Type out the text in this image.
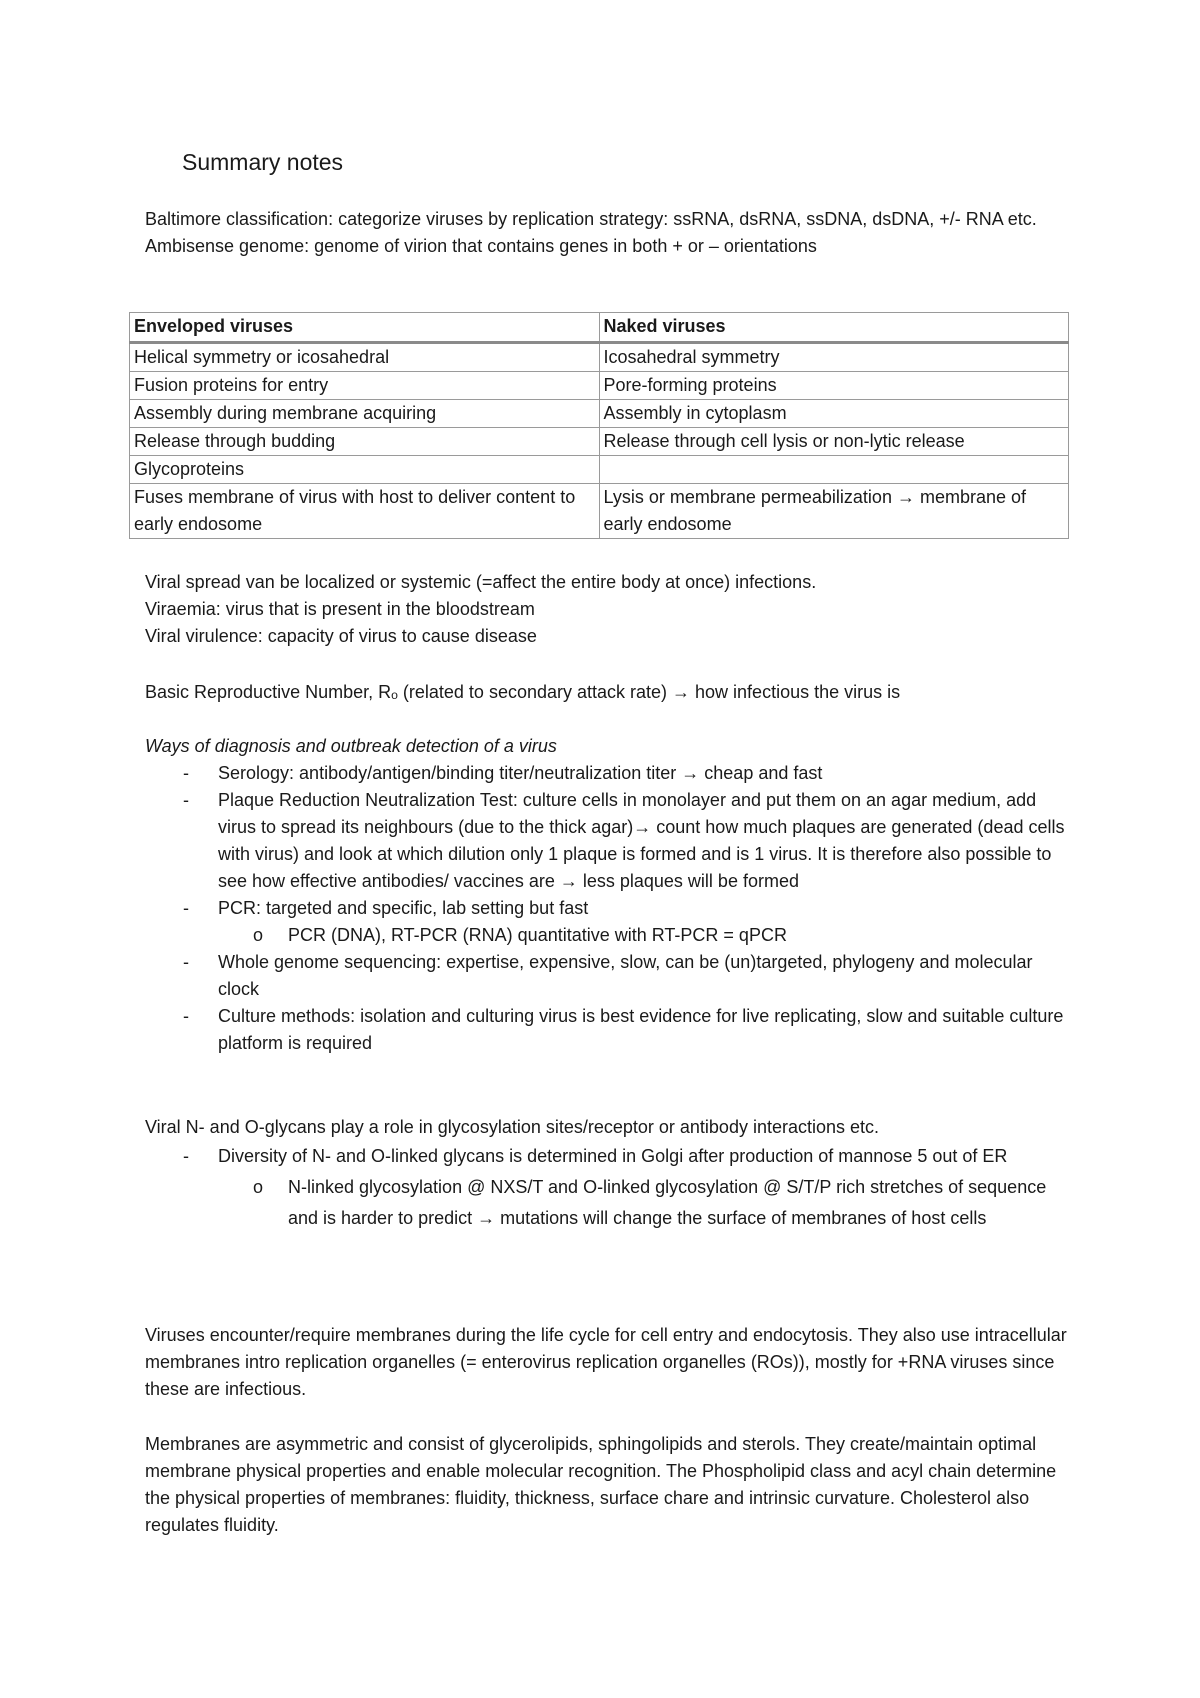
Summary notes

Baltimore classification: categorize viruses by replication strategy: ssRNA, dsRNA, ssDNA, dsDNA, +/- RNA etc.

Ambisense genome: genome of virion that contains genes in both + or – orientations

Enveloped viruses	Naked viruses
Helical symmetry or icosahedral	Icosahedral symmetry
Fusion proteins for entry	Pore-forming proteins
Assembly during membrane acquiring	Assembly in cytoplasm
Release through budding	Release through cell lysis or non-lytic release
Glycoproteins	
Fuses membrane of virus with host to deliver content to early endosome	Lysis or membrane permeabilization → membrane of early endosome

Viral spread van be localized or systemic (=affect the entire body at once) infections.

Viraemia: virus that is present in the bloodstream

Viral virulence: capacity of virus to cause disease

Basic Reproductive Number, Rₒ (related to secondary attack rate) → how infectious the virus is

Ways of diagnosis and outbreak detection of a virus

- Serology: antibody/antigen/binding titer/neutralization titer → cheap and fast
- Plaque Reduction Neutralization Test: culture cells in monolayer and put them on an agar medium, add virus to spread its neighbours (due to the thick agar)→ count how much plaques are generated (dead cells with virus) and look at which dilution only 1 plaque is formed and is 1 virus. It is therefore also possible to see how effective antibodies/ vaccines are → less plaques will be formed
- PCR: targeted and specific, lab setting but fast
o PCR (DNA), RT-PCR (RNA) quantitative with RT-PCR = qPCR
- Whole genome sequencing: expertise, expensive, slow, can be (un)targeted, phylogeny and molecular clock
- Culture methods: isolation and culturing virus is best evidence for live replicating, slow and suitable culture platform is required

Viral N- and O-glycans play a role in glycosylation sites/receptor or antibody interactions etc.

- Diversity of N- and O-linked glycans is determined in Golgi after production of mannose 5 out of ER
o N-linked glycosylation @ NXS/T and O-linked glycosylation @ S/T/P rich stretches of sequence and is harder to predict → mutations will change the surface of membranes of host cells
Viruses encounter/require membranes during the life cycle for cell entry and endocytosis. They also use intracellular membranes intro replication organelles (= enterovirus replication organelles (ROs)), mostly for +RNA viruses since these are infectious.
Membranes are asymmetric and consist of glycerolipids, sphingolipids and sterols. They create/maintain optimal membrane physical properties and enable molecular recognition. The Phospholipid class and acyl chain determine the physical properties of membranes: fluidity, thickness, surface chare and intrinsic curvature. Cholesterol also regulates fluidity.
